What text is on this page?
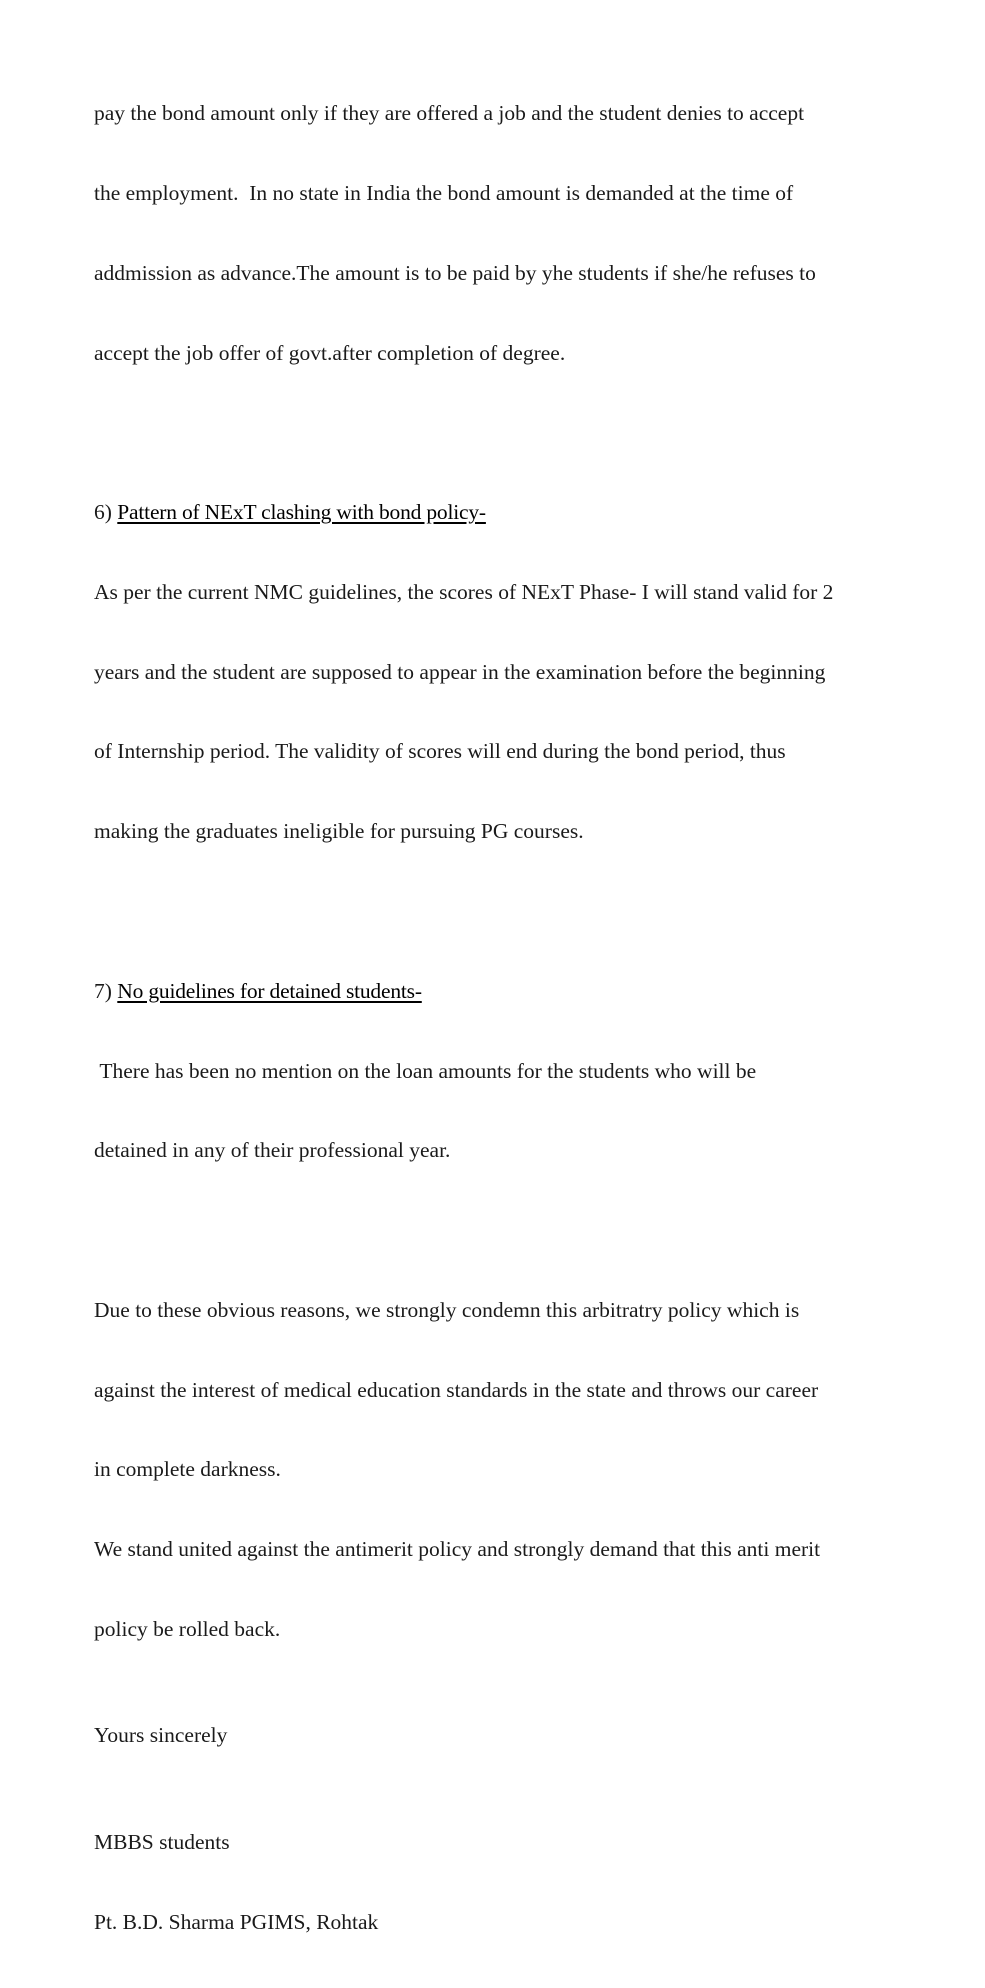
pay the bond amount only if they are offered a job and the student denies to accept

the employment.  In no state in India the bond amount is demanded at the time of

addmission as advance.The amount is to be paid by yhe students if she/he refuses to

accept the job offer of govt.after completion of degree.

6) Pattern of NExT clashing with bond policy-

As per the current NMC guidelines, the scores of NExT Phase- I will stand valid for 2

years and the student are supposed to appear in the examination before the beginning

of Internship period. The validity of scores will end during the bond period, thus

making the graduates ineligible for pursuing PG courses.

7) No guidelines for detained students-

There has been no mention on the loan amounts for the students who will be

detained in any of their professional year.

Due to these obvious reasons, we strongly condemn this arbitratry policy which is

against the interest of medical education standards in the state and throws our career

in complete darkness.

We stand united against the antimerit policy and strongly demand that this anti merit

policy be rolled back.

Yours sincerely

MBBS students

Pt. B.D. Sharma PGIMS, Rohtak
